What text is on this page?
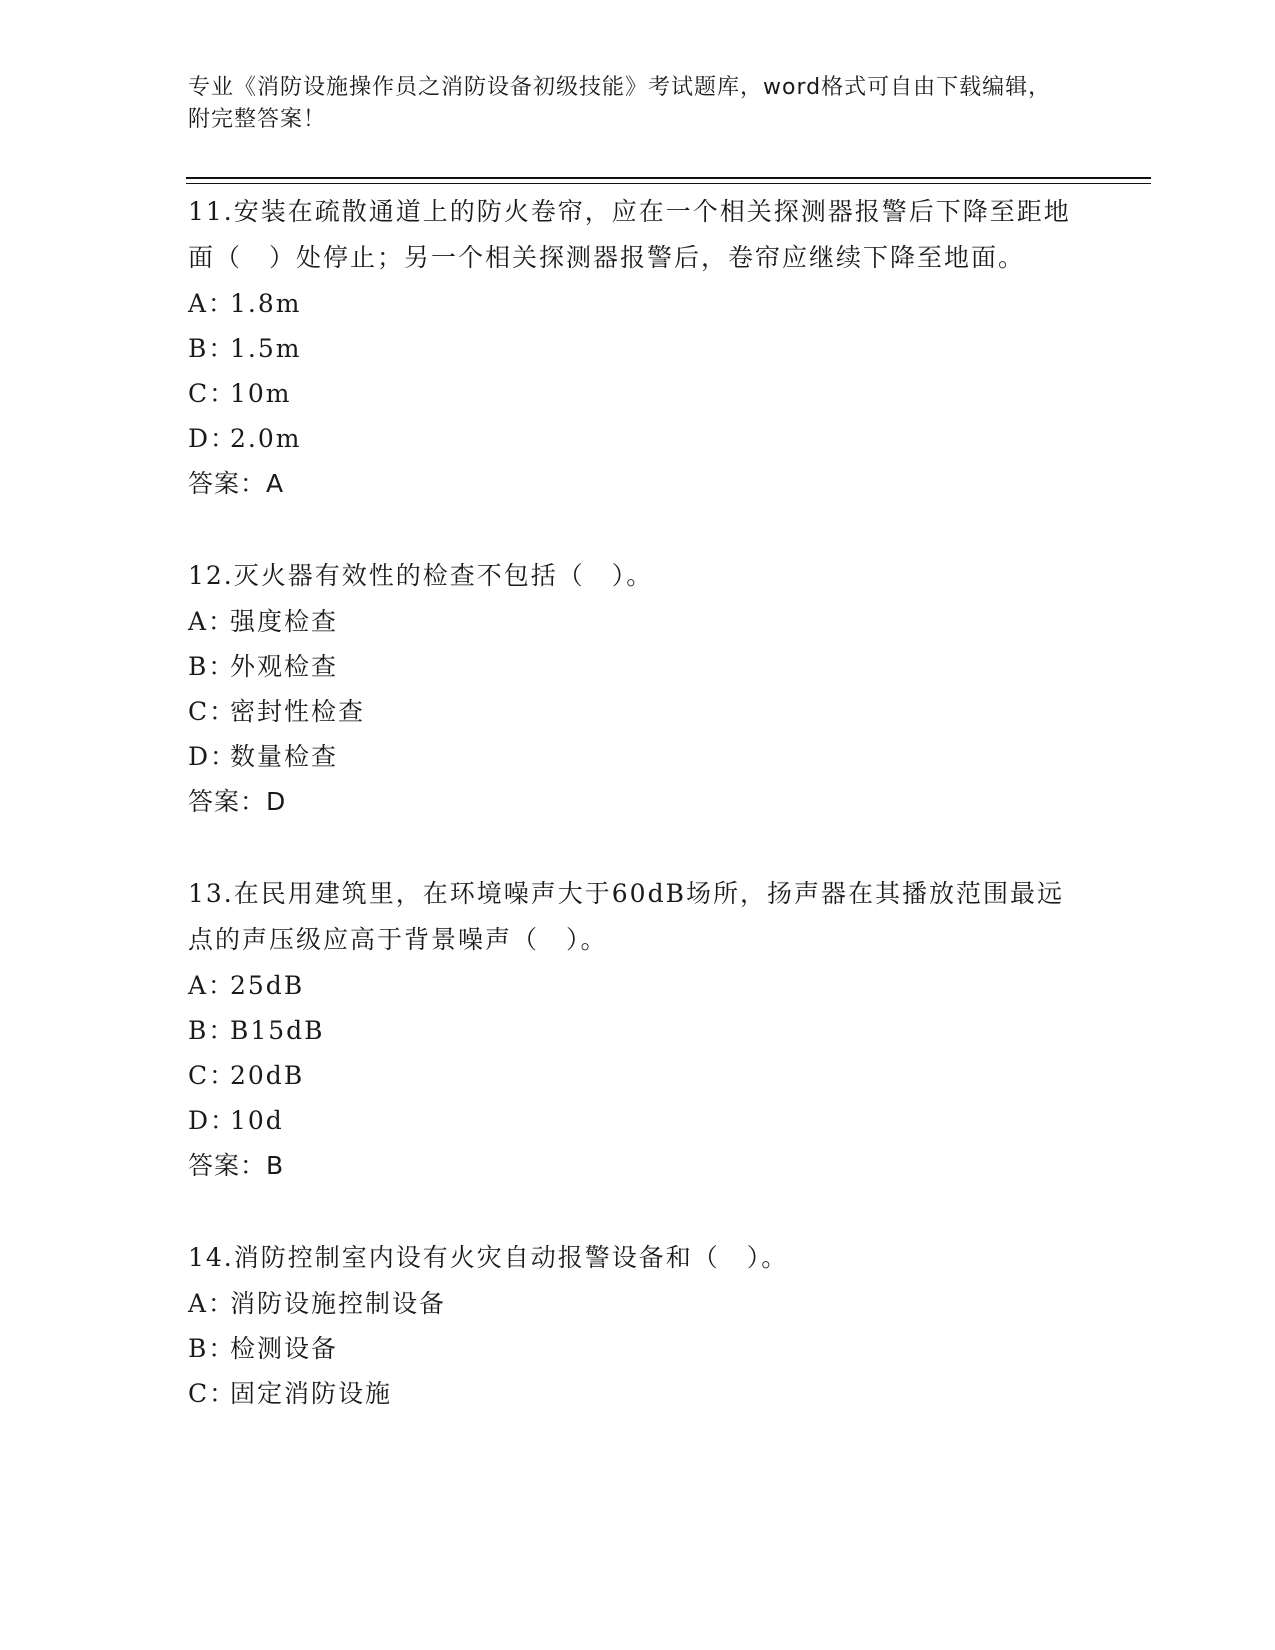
专业《消防设施操作员之消防设备初级技能》考试题库，word格式可自由下载编辑，附完整答案！
11.安装在疏散通道上的防火卷帘，应在一个相关探测器报警后下降至距地面（　）处停止；另一个相关探测器报警后，卷帘应继续下降至地面。
A：1.8m
B：1.5m
C：10m
D：2.0m
答案：A
12.灭火器有效性的检查不包括（　）。
A：强度检查
B：外观检查
C：密封性检查
D：数量检查
答案：D
13.在民用建筑里，在环境噪声大于60dB场所，扬声器在其播放范围最远点的声压级应高于背景噪声（　）。
A：25dB
B：B15dB
C：20dB
D：10d
答案：B
14.消防控制室内设有火灾自动报警设备和（　）。
A：消防设施控制设备
B：检测设备
C：固定消防设施
